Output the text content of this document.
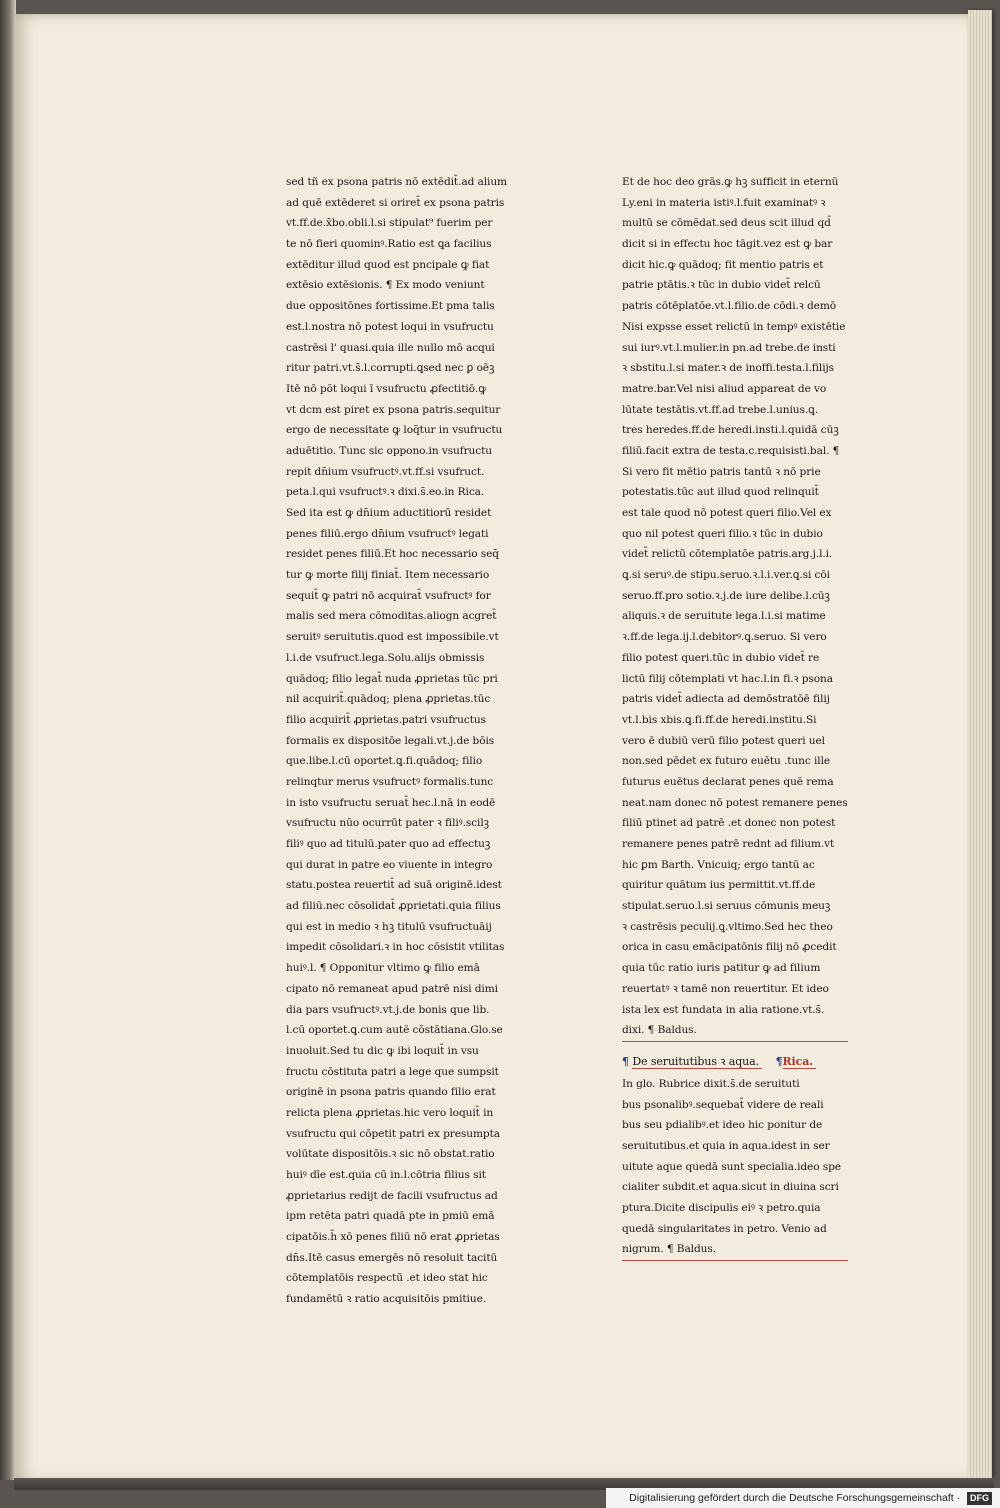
sed tñ ex psona patris nō extēdit̄.ad alium
ad quē extēderet si oriret̄ ex psona patris
vt.ff.de.x̄bo.obli.l.si stipulat⁹ fuerim per
te nō fieri quominꝰ.Ratio est ꝗa facilius
extēditur illud quod est pncipale ꝙ fiat
extēsio extēsionis. ¶ Ex modo veniunt
due oppositōnes fortissime.Et pma talis
est.l.nostra nō potest loqui in vsufructu
castrēsi l' quasi.quia ille nullo mō acqui
ritur patri.vt.s̄.l.corrupti.ꝗsed nec ꝑ oēꝫ
Itē nō pōt loqui ī vsufructu ꝓfectitiō.ꝙ
vt dcm est piret ex psona patris.sequitur
ergo de necessitate ꝙ loq̄tur in vsufructu
aduētitio. Tunc sic oppono.in vsufructu
repit dn̄ium vsufructꝰ.vt.ff.si vsufruct.
peta.l.qui vsufructꝰ.ꝛ dixi.s̄.eo.in Rica.
Sed ita est ꝙ dn̄ium aductitiorū residet
penes filiū.ergo dn̄ium vsufructꝰ legati
residet penes filiū.Et hoc necessario seq̄
tur ꝙ morte filij finiat̄. Item necessario
sequit̄ ꝙ patri nō acquirat̄ vsufructꝰ for
malis sed mera cōmoditas.aliogn acgret̄
seruitꝰ seruitutis.quod est impossibile.vt
l.i.de vsufruct.lega.Solu.alijs obmissis
quādoq; filio legat̄ nuda ꝓprietas tūc pri
nil acquirit̄.quādoq; plena ꝓprietas.tūc
filio acquirit̄ ꝓprietas.patri vsufructus
formalis ex dispositōe legali.vt.j.de bōis
que.libe.l.cū oportet.ꝗ.fi.quādoq; filio
relinqtur merus vsufructꝰ formalis.tunc
in isto vsufructu seruat̄ hec.l.nā in eodē
vsufructu nūo ocurrūt pater ꝛ filiꝰ.scilꝫ
filiꝰ quo ad titulū.pater quo ad effectuꝫ
qui durat in patre eo viuente in integro
statu.postea reuertit̄ ad suā originē.idest
ad filiū.nec cōsolidat̄ ꝓprietati.quia filius
qui est in medio ꝛ hꝫ titulū vsufructuāij
impedit cōsolidari.ꝛ in hoc cōsistit vtilitas
huiꝰ.l. ¶ Opponitur vltimo ꝙ filio emā
cipato nō remaneat apud patrē nisi dimi
dia pars vsufructꝰ.vt.j.de bonis que lib.
l.cū oportet.ꝗ.cum autē cōstātiana.Glo.se
inuoluit.Sed tu dic ꝙ ibi loquit̄ in vsu
fructu cōstituta patri a lege que sumpsit
originē in psona patris quando filio erat
relicta plena ꝓprietas.hic vero loquit̄ in
vsufructu qui cōpetit patri ex presumpta
volūtate dispositōis.ꝛ sic nō obstat.ratio
huiꝰ dīe est.quia cū in.l.cōtria filius sit
ꝓprietarius redijt de facili vsufructus ad
ipm retēta patri quadā pte in pmiū emā
cipatōis.h̄ xō penes filiū nō erat ꝓprietas
dn̄s.Itē casus emergēs nō resoluit tacitū
cōtemplatōis respectū .et ideo stat hic
fundamētū ꝛ ratio acquisitōis pmitiue.
Et de hoc deo grās.ꝙ hꝫ sufficit in eternū
Ly.eni in materia istiꝰ.l.fuit examinatꝰ ꝛ
multū se cōmēdat.sed deus scit illud qd̄
dicit si in effectu hoc tāgit.vez est ꝙ bar
dicit hic.ꝙ quādoq; fit mentio patris et
patrie ptātis.ꝛ tūc in dubio videt̄ relcū
patris cōtēplatōe.vt.l.filio.de cōdi.ꝛ demō
Nisi expsse esset relictū in tempꝰ existētie
sui iurꝰ.vt.l.mulier.in pn.ad trebe.de insti
ꝛ sbstitu.l.si mater.ꝛ de inoffi.testa.l.filijs
matre.bar.Vel nisi aliud appareat de vo
lūtate testātis.vt.ff.ad trebe.l.unius.ꝗ.
tres heredes.ff.de heredi.insti.l.quidā cūꝫ
filiū.facit extra de testa.c.requisisti.bal. ¶
Si vero fit mētio patris tantū ꝛ nō prie
potestatis.tūc aut illud quod relinquit̄
est tale quod nō potest queri filio.Vel ex
quo nil potest queri filio.ꝛ tūc in dubio
videt̄ relictū cōtemplatōe patris.arg.j.l.i.
ꝗ.si seruꝰ.de stipu.seruo.ꝛ.l.i.ver.ꝗ.si cōi
seruo.ff.pro sotio.ꝛ.j.de iure delibe.l.cūꝫ
aliquis.ꝛ de seruitute lega.l.i.si matime
ꝛ.ff.de lega.ij.l.debitorꝰ.ꝗ.seruo. Si vero
filio potest queri.tūc in dubio videt̄ re
lictū filij cōtemplati vt hac.l.in fi.ꝛ psona
patris videt̄ adiecta ad demōstratōē filij
vt.l.bis xbis.ꝗ.fi.ff.de heredi.institu.Si
vero ē dubiū verū filio potest queri uel
non.sed pēdet ex futuro euētu .tunc ille
futurus euētus declarat penes quē rema
neat.nam donec nō potest remanere penes
filiū ptinet ad patrē .et donec non potest
remanere penes patrē rednt ad filium.vt
hic ꝑm Barth. Vnicuiq; ergo tantū ac
quiritur quātum ius permittit.vt.ff.de
stipulat.seruo.l.si seruus cōmunis meuꝫ
ꝛ castrēsis peculij.ꝗ.vltimo.Sed hec theo
orica in casu emācipatōnis filij nō ꝓcedit
quia tūc ratio iuris patitur ꝙ ad filium
reuertatꝰ ꝛ tamē non reuertitur. Et ideo
ista lex est fundata in alia ratione.vt.s̄.
dixi. ¶ Baldus.
¶ De seruitutibus ꝛ aqua. ¶Rica.
In glo. Rubrice dixit.s̄.de seruituti
bus psonalibꝰ.sequebat̄ videre de reali
bus seu pdialibꝰ.et ideo hic ponitur de
seruitutibus.et quia in aqua.idest in ser
uitute aque quedā sunt specialia.ideo spe
cialiter subdit.et aqua.sicut in diuina scri
ptura.Dicite discipulis eiꝰ ꝛ petro.quia
quedā singularitates in petro. Venio ad
nigrum. ¶ Baldus.
Digitalisierung gefördert durch die Deutsche Forschungsgemeinschaft · DFG
